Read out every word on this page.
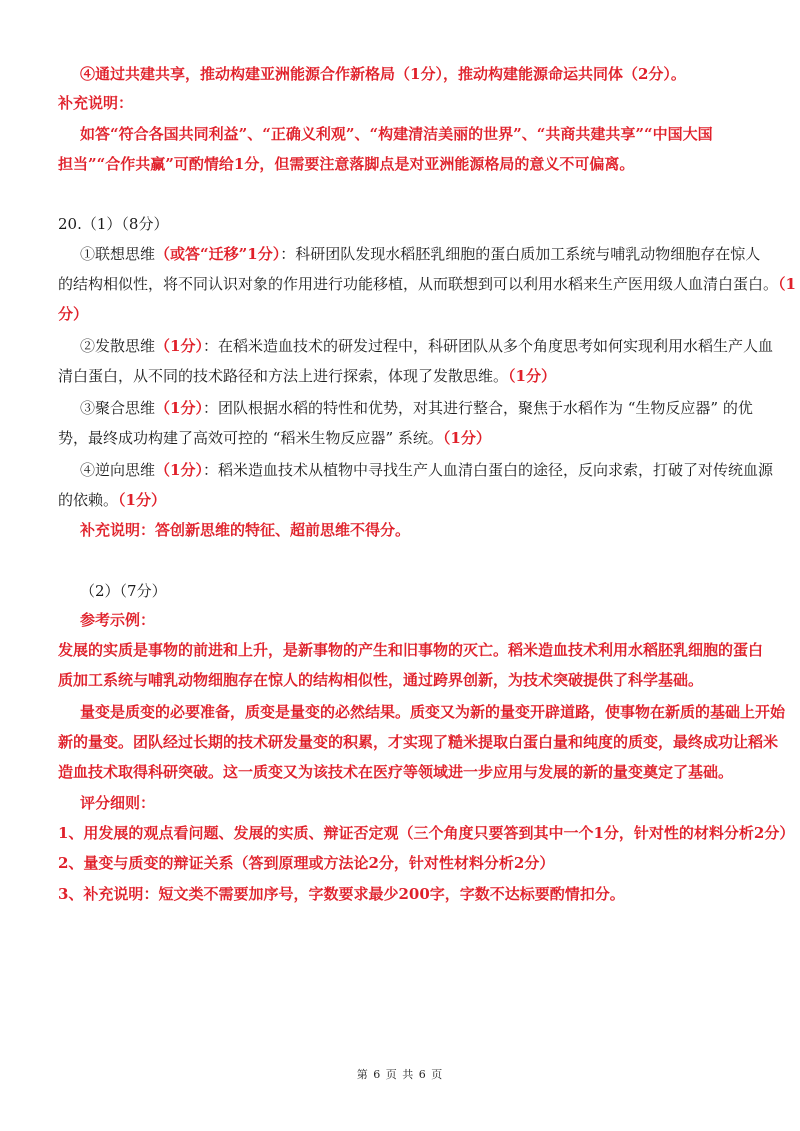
④通过共建共享，推动构建亚洲能源合作新格局（1分），推动构建能源命运共同体（2分）。
补充说明：
如答“符合各国共同利益”、“正确义利观”、“构建清洁美丽的世界”、“共商共建共享”“中国大国
担当”“合作共赢”可酌情给1分，但需要注意落脚点是对亚洲能源格局的意义不可偏离。
20.（1）（8分）
①联想思维（或答“迁移”1分）：科研团队发现水稻胚乳细胞的蛋白质加工系统与哺乳动物细胞存在惊人
的结构相似性，将不同认识对象的作用进行功能移植，从而联想到可以利用水稻来生产医用级人血清白蛋白。（1
分）
②发散思维（1分）：在稻米造血技术的研发过程中，科研团队从多个角度思考如何实现利用水稻生产人血
清白蛋白，从不同的技术路径和方法上进行探索，体现了发散思维。（1分）
③聚合思维（1分）：团队根据水稻的特性和优势，对其进行整合，聚焦于水稻作为 “生物反应器” 的优
势，最终成功构建了高效可控的 “稻米生物反应器” 系统。（1分）
④逆向思维（1分）：稻米造血技术从植物中寻找生产人血清白蛋白的途径，反向求索，打破了对传统血源
的依赖。（1分）
补充说明：答创新思维的特征、超前思维不得分。
（2）（7分）
参考示例：
发展的实质是事物的前进和上升，是新事物的产生和旧事物的灭亡。稻米造血技术利用水稻胚乳细胞的蛋白
质加工系统与哺乳动物细胞存在惊人的结构相似性，通过跨界创新，为技术突破提供了科学基础。
量变是质变的必要准备，质变是量变的必然结果。质变又为新的量变开辟道路，使事物在新质的基础上开始
新的量变。团队经过长期的技术研发量变的积累，才实现了糙米提取白蛋白量和纯度的质变，最终成功让稻米
造血技术取得科研突破。这一质变又为该技术在医疗等领域进一步应用与发展的新的量变奠定了基础。
评分细则：
1、用发展的观点看问题、发展的实质、辩证否定观（三个角度只要答到其中一个1分，针对性的材料分析2分）
2、量变与质变的辩证关系（答到原理或方法论2分，针对性材料分析2分）
3、补充说明：短文类不需要加序号，字数要求最少200字，字数不达标要酌情扣分。
第 6 页 共 6 页
